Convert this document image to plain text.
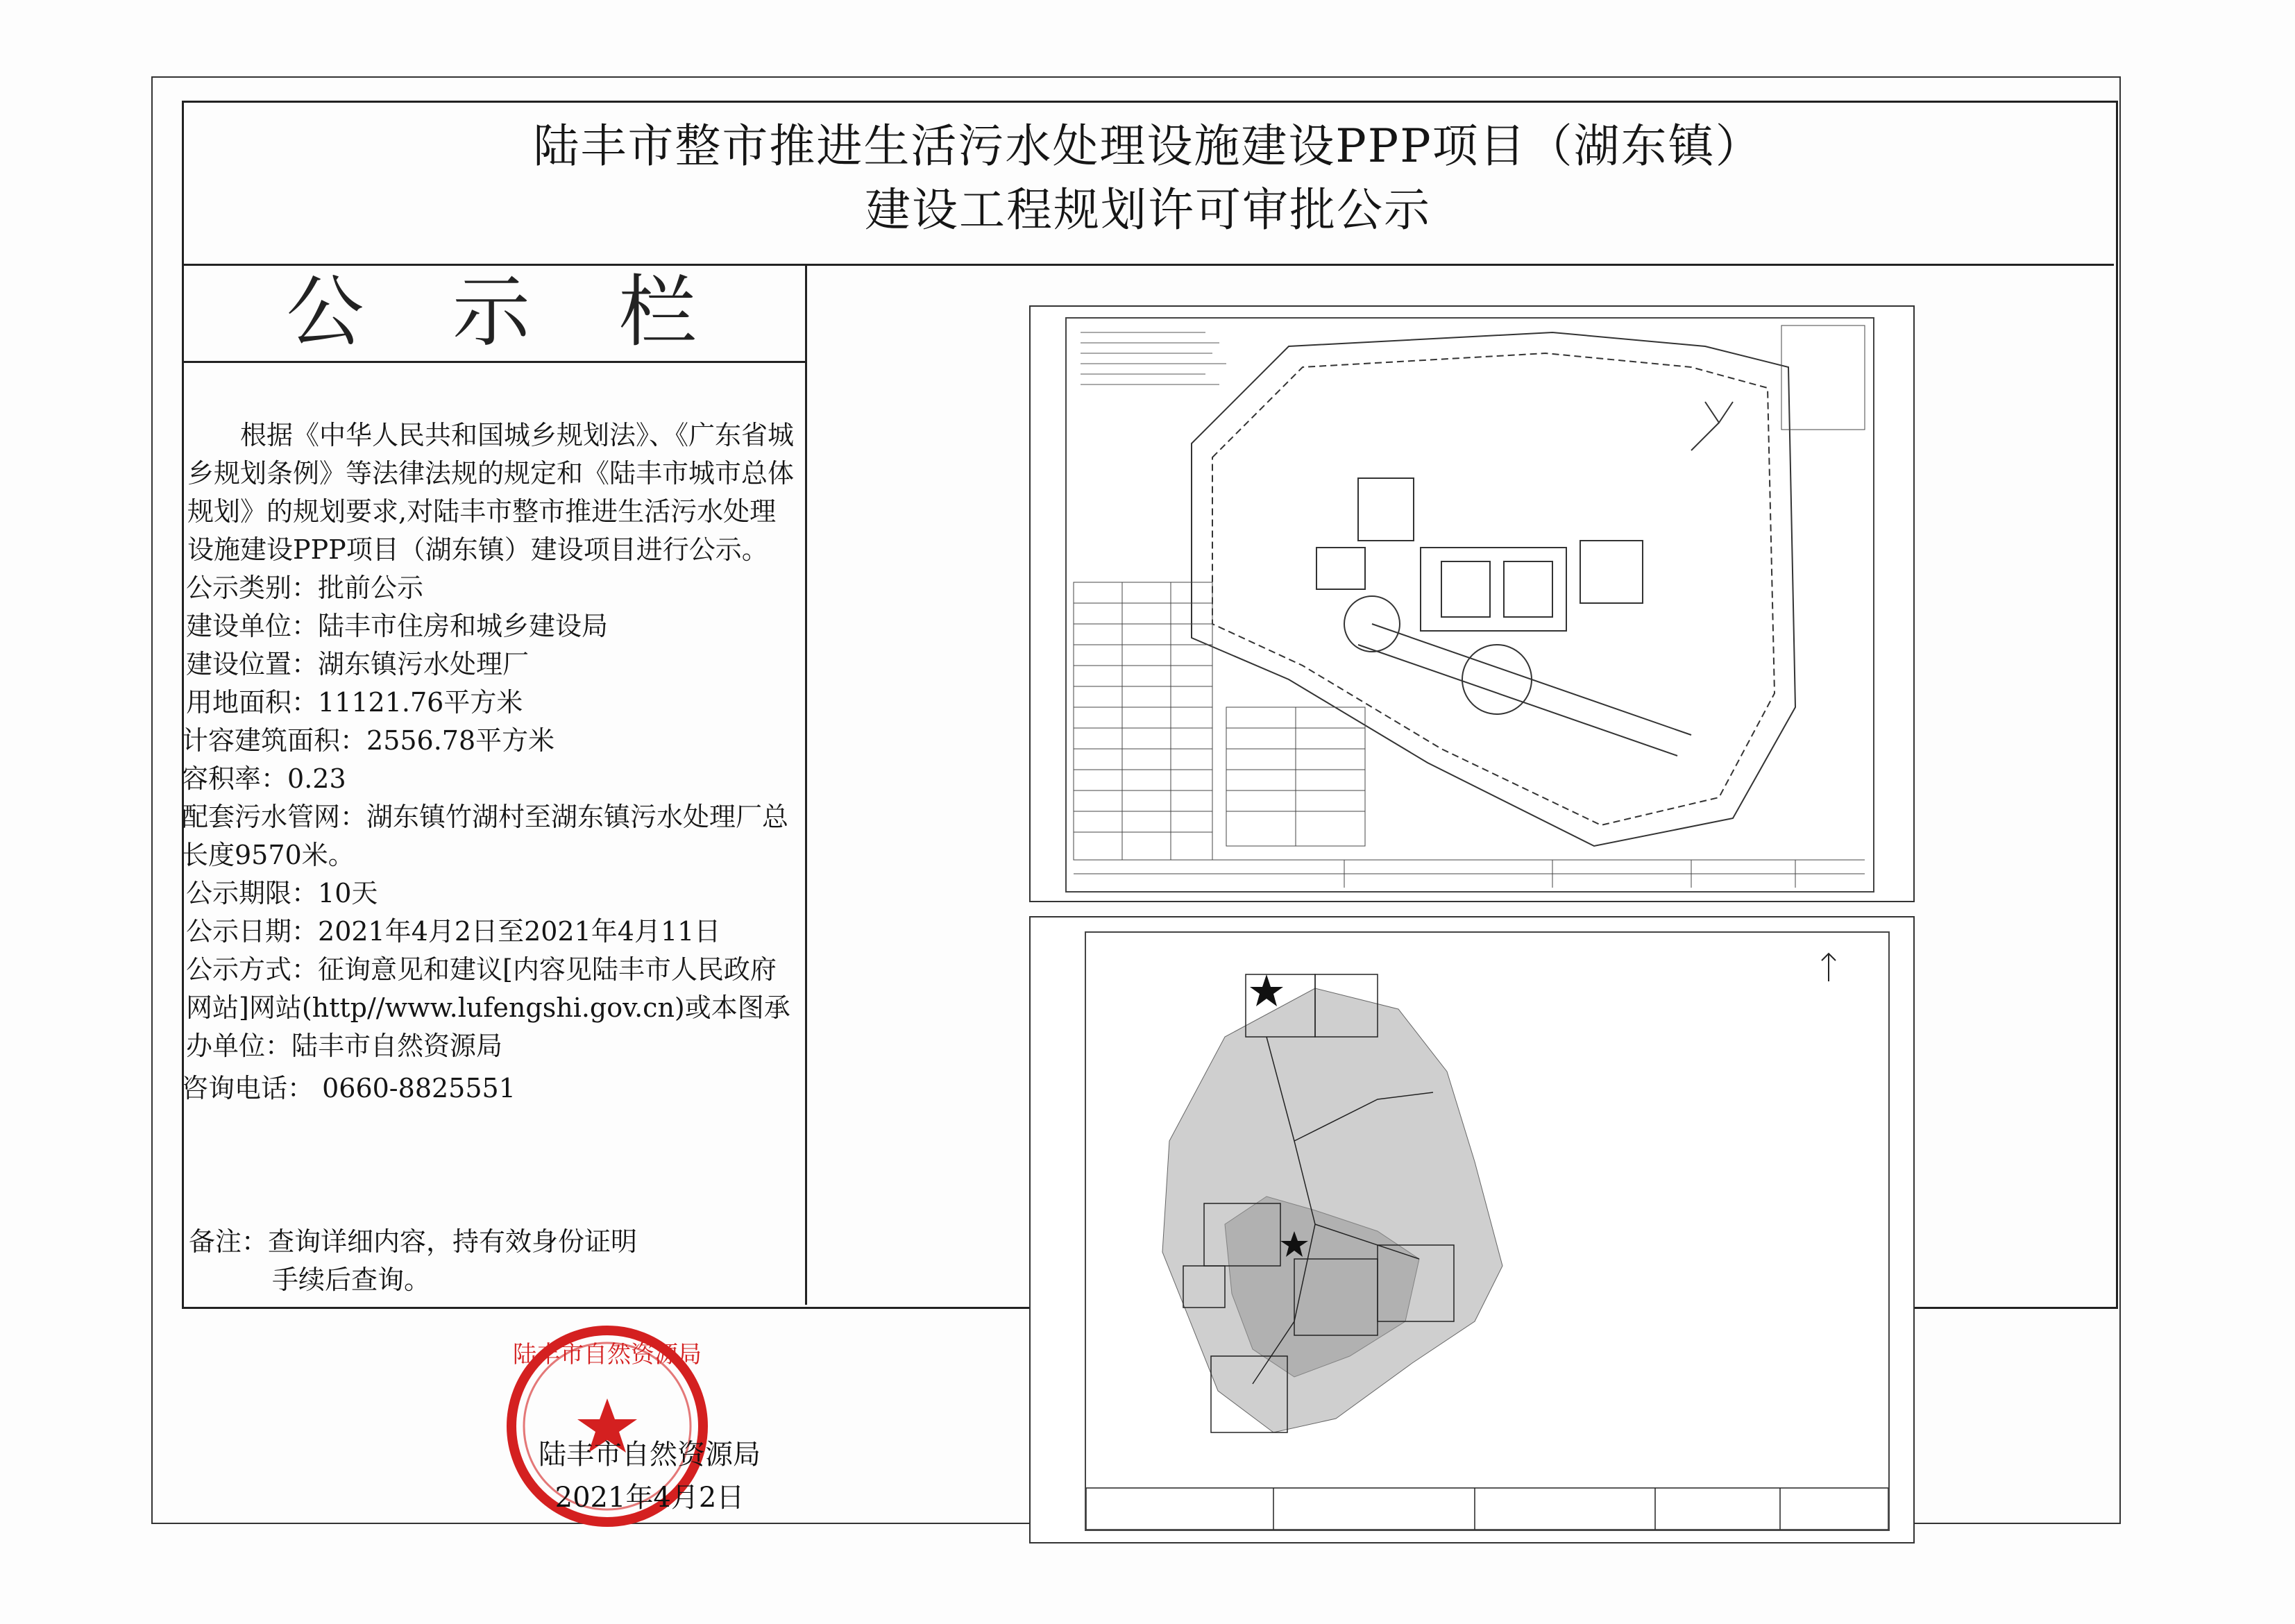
陆丰市整市推进生活污水处理设施建设PPP项目（湖东镇）
建设工程规划许可审批公示
公 示 栏

根据《中华人民共和国城乡规划法》、《广东省城乡规划条例》等法律法规的规定和《陆丰市城市总体规划》的规划要求,对陆丰市整市推进生活污水处理设施建设PPP项目（湖东镇）建设项目进行公示。

公示类别：批前公示
建设单位：陆丰市住房和城乡建设局
建设位置：湖东镇污水处理厂
用地面积：11121.76平方米
计容建筑面积：2556.78平方米
容积率：0.23
配套污水管网：湖东镇竹湖村至湖东镇污水处理厂总长度9570米。
公示期限：10天
公示日期：2021年4月2日至2021年4月11日
公示方式：征询意见和建议[内容见陆丰市人民政府网站]网站(http//www.lufengshi.gov.cn)或本图承办单位：陆丰市自然资源局
咨询电话： 0660-8825551
备注：查询详细内容，持有效身份证明
手续后查询。
陆丰市自然资源局
陆丰市自然资源局
2021年4月2日
